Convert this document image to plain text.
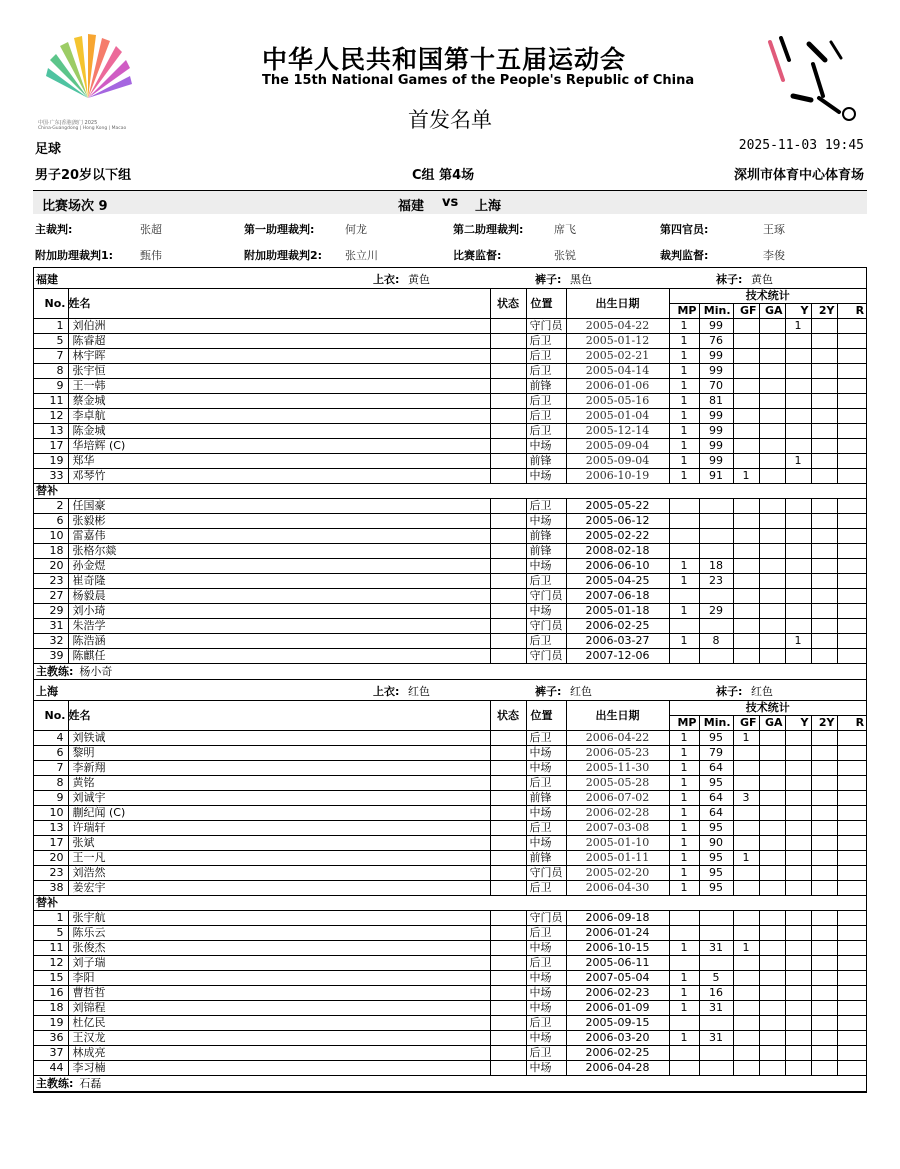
中国·广东|香港|澳门 2025
China·Guangdong | Hong Kong | Macao
中华人民共和国第十五届运动会
The 15th National Games of the People's Republic of China
首发名单
足球	2025-11-03 19:45
男子20岁以下组	C组 第4场	深圳市体育中心体育场
比赛场次 9	福建 vs 上海
主裁判:	张超	第一助理裁判:	何龙	第二助理裁判:	席飞	第四官员:	王琢
附加助理裁判1: 甄伟	附加助理裁判2: 张立川	比赛监督:	张锐	裁判监督:	李俊
福建	上衣: 黄色	裤子: 黑色	袜子: 黄色
No.	姓名	状态	位置	出生日期	技术统计						
					MP	Min.	GF	GA	Y	2Y	R
1	刘伯洲		守门员	2005-04-22	1	99			1		
5	陈睿超		后卫	2005-01-12	1	76					
7	林宇晖		后卫	2005-02-21	1	99					
8	张宇恒		后卫	2005-04-14	1	99					
9	王一韩		前锋	2006-01-06	1	70					
11	蔡金城		后卫	2005-05-16	1	81					
12	李卓航		后卫	2005-01-04	1	99					
13	陈金城		后卫	2005-12-14	1	99					
17	华培辉 (C)		中场	2005-09-04	1	99					
19	郑华		前锋	2005-09-04	1	99			1		
33	邓琴竹		中场	2006-10-19	1	91	1				
替补
2	任国豪		后卫	2005-05-22							
6	张毅彬		中场	2005-06-12							
10	雷嘉伟		前锋	2005-02-22							
18	张格尔燚		前锋	2008-02-18							
20	孙金煜		中场	2006-06-10	1	18					
23	崔奇隆		后卫	2005-04-25	1	23					
27	杨毅晨		守门员	2007-06-18							
29	刘小琦		中场	2005-01-18	1	29					
31	朱浩学		守门员	2006-02-25							
32	陈浩涵		后卫	2006-03-27	1	8			1		
39	陈麒任		守门员	2007-12-06							
主教练: 杨小奇
上海	上衣: 红色	裤子: 红色	袜子: 红色
No.	姓名	状态	位置	出生日期	技术统计						
					MP	Min.	GF	GA	Y	2Y	R
4	刘铁诚		后卫	2006-04-22	1	95	1				
6	黎明		中场	2006-05-23	1	79					
7	李新翔		中场	2005-11-30	1	64					
8	黄铭		后卫	2005-05-28	1	95					
9	刘诚宇		前锋	2006-07-02	1	64	3				
10	蒯纪闻 (C)		中场	2006-02-28	1	64					
13	许瑞轩		后卫	2007-03-08	1	95					
17	张斌		中场	2005-01-10	1	90					
20	王一凡		前锋	2005-01-11	1	95	1				
23	刘浩然		守门员	2005-02-20	1	95					
38	姜宏宇		后卫	2006-04-30	1	95					
替补
1	张宇航		守门员	2006-09-18							
5	陈乐云		后卫	2006-01-24							
11	张俊杰		中场	2006-10-15	1	31	1				
12	刘子瑞		后卫	2005-06-11							
15	李阳		中场	2007-05-04	1	5					
16	曹哲哲		中场	2006-02-23	1	16					
18	刘锦程		中场	2006-01-09	1	31					
19	杜亿民		后卫	2005-09-15							
36	王汉龙		中场	2006-03-20	1	31					
37	林成亮		后卫	2006-02-25							
44	李习楠		中场	2006-04-28							
主教练: 石磊
